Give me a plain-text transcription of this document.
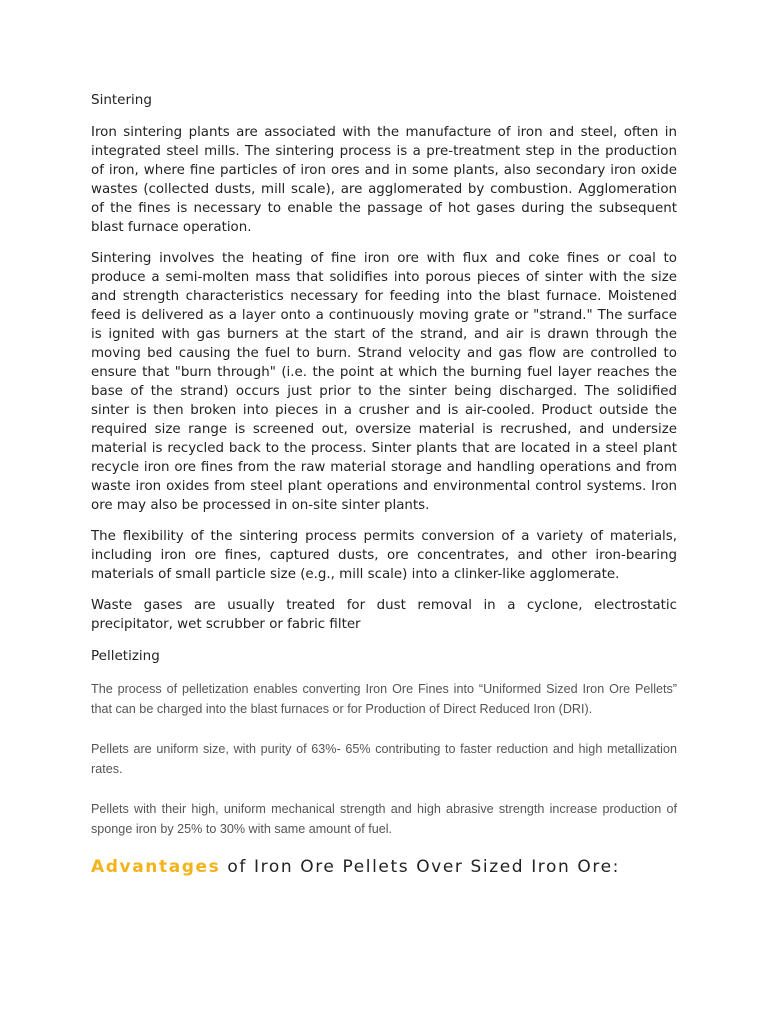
Sintering

Iron sintering plants are associated with the manufacture of iron and steel, often in integrated steel mills. The sintering process is a pre-treatment step in the production of iron, where fine particles of iron ores and in some plants, also secondary iron oxide wastes (collected dusts, mill scale), are agglomerated by combustion. Agglomeration of the fines is necessary to enable the passage of hot gases during the subsequent blast furnace operation.

Sintering involves the heating of fine iron ore with flux and coke fines or coal to produce a semi-molten mass that solidifies into porous pieces of sinter with the size and strength characteristics necessary for feeding into the blast furnace. Moistened feed is delivered as a layer onto a continuously moving grate or "strand." The surface is ignited with gas burners at the start of the strand, and air is drawn through the moving bed causing the fuel to burn. Strand velocity and gas flow are controlled to ensure that "burn through" (i.e. the point at which the burning fuel layer reaches the base of the strand) occurs just prior to the sinter being discharged. The solidified sinter is then broken into pieces in a crusher and is air-cooled. Product outside the required size range is screened out, oversize material is recrushed, and undersize material is recycled back to the process. Sinter plants that are located in a steel plant recycle iron ore fines from the raw material storage and handling operations and from waste iron oxides from steel plant operations and environmental control systems. Iron ore may also be processed in on-site sinter plants.

The flexibility of the sintering process permits conversion of a variety of materials, including iron ore fines, captured dusts, ore concentrates, and other iron-bearing materials of small particle size (e.g., mill scale) into a clinker-like agglomerate.

Waste gases are usually treated for dust removal in a cyclone, electrostatic precipitator, wet scrubber or fabric filter

Pelletizing

The process of pelletization enables converting Iron Ore Fines into “Uniformed Sized Iron Ore Pellets” that can be charged into the blast furnaces or for Production of Direct Reduced Iron (DRI).

Pellets are uniform size, with purity of 63%- 65% contributing to faster reduction and high metallization rates.

Pellets with their high, uniform mechanical strength and high abrasive strength increase production of sponge iron by 25% to 30% with same amount of fuel.

Advantages of Iron Ore Pellets Over Sized Iron Ore:
